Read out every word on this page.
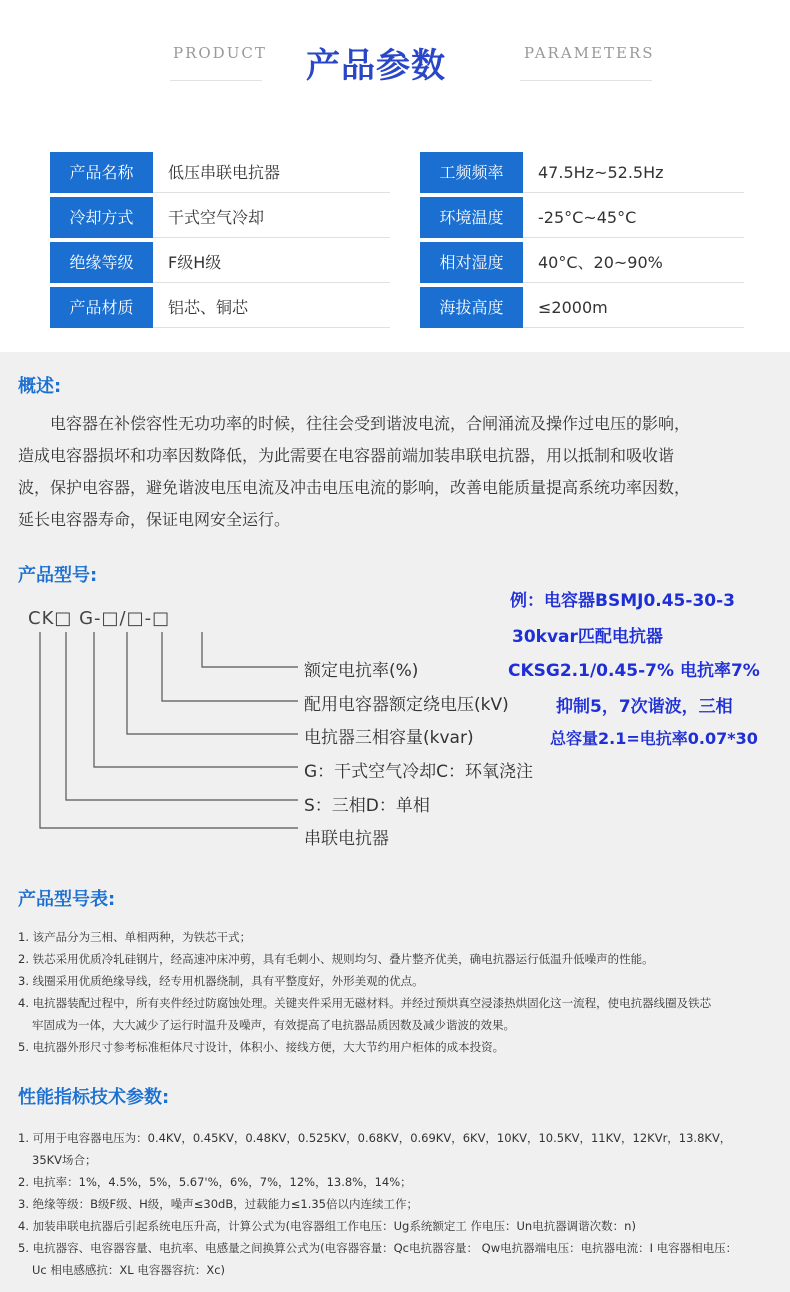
PRODUCT 产品参数	PARAMETERS
产品名称	低压串联电抗器	工频频率	47.5Hz~52.5Hz
冷却方式	干式空气冷却	环境温度	-25°C~45°C
绝缘等级	F级H级	相对湿度	40°C、20~90%
产品材质	铝芯、铜芯	海拔高度	≤2000m
概述:
电容器在补偿容性无功功率的时候，往往会受到谐波电流，合闸涌流及操作过电压的影响，
造成电容器损坏和功率因数降低，为此需要在电容器前端加装串联电抗器，用以抵制和吸收谐
波，保护电容器，避免谐波电压电流及冲击电压电流的影响，改善电能质量提高系统功率因数，
延长电容器寿命，保证电网安全运行。
产品型号:
CK□ G-□/□-□
额定电抗率(%)
配用电容器额定绕电压(kV)
电抗器三相容量(kvar)
G：干式空气冷却C：环氧浇注
S：三相D：单相
串联电抗器
例：电容器BSMJ0.45-30-3
30kvar匹配电抗器
CKSG2.1/0.45-7% 电抗率7%
抑制5，7次谐波，三相
总容量2.1=电抗率0.07*30
产品型号表:
1. 该产品分为三相、单相两种，为铁芯干式；
2. 铁芯采用优质冷轧硅钢片，经高速冲床冲剪，具有毛刺小、规则均匀、叠片整齐优美，确电抗器运行低温升低噪声的性能。
3. 线圈采用优质绝缘导线，经专用机器绕制，具有平整度好，外形美观的优点。
4. 电抗器装配过程中，所有夹件经过防腐蚀处理。关键夹件采用无磁材料。并经过预烘真空浸漆热烘固化这一流程，使电抗器线圈及铁芯
牢固成为一体，大大减少了运行时温升及噪声，有效提高了电抗器品质因数及减少谐波的效果。
5. 电抗器外形尺寸参考标准柜体尺寸设计，体积小、接线方便，大大节约用户柜体的成本投资。
性能指标技术参数:
1. 可用于电容器电压为：0.4KV，0.45KV，0.48KV，0.525KV，0.68KV，0.69KV，6KV，10KV，10.5KV，11KV，12KVr，13.8KV，
35KV场合；
2. 电抗率：1%，4.5%，5%，5.67'%，6%，7%，12%，13.8%，14%；
3. 绝缘等级：B级F级、H级，噪声≤30dB，过载能力≤1.35倍以内连续工作；
4. 加装串联电抗器后引起系统电压升高，计算公式为(电容器组工作电压：Ug系统额定工 作电压：Un电抗器调谐次数：n)
5. 电抗器容、电容器容量、电抗率、电感量之间换算公式为(电容器容量：Qc电抗器容量： Qw电抗器端电压：电抗器电流：I 电容器相电压：
Uc 相电感感抗：XL 电容器容抗：Xc)
